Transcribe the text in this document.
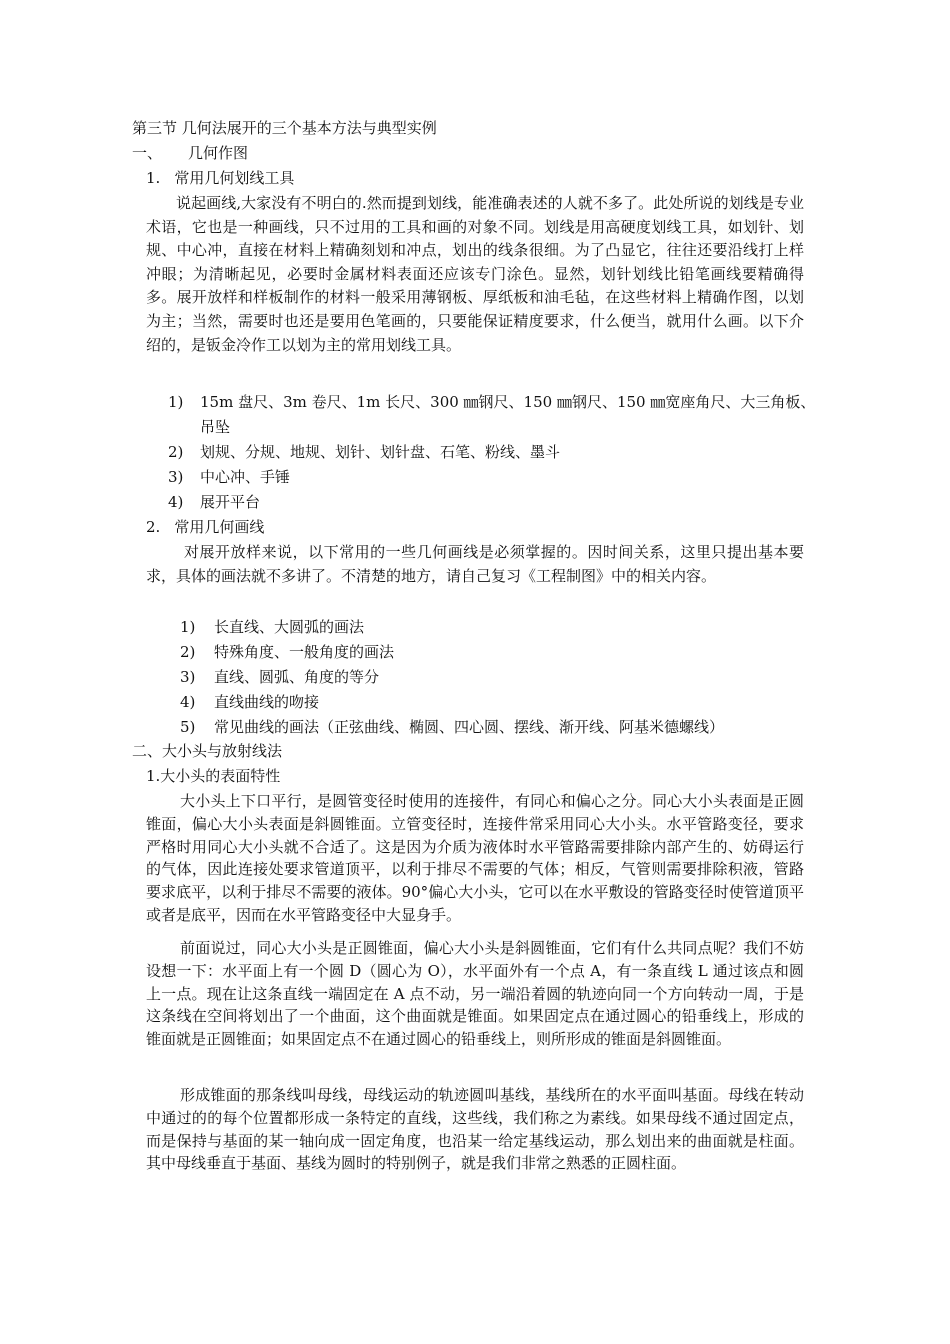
第三节 几何法展开的三个基本方法与典型实例
一、 几何作图
1. 常用几何划线工具
说起画线,大家没有不明白的.然而提到划线，能准确表述的人就不多了。此处所说的划线是专业术语，它也是一种画线，只不过用的工具和画的对象不同。划线是用高硬度划线工具，如划针、划规、中心冲，直接在材料上精确刻划和冲点，划出的线条很细。为了凸显它，往往还要沿线打上样冲眼；为清晰起见，必要时金属材料表面还应该专门涂色。显然，划针划线比铅笔画线要精确得多。展开放样和样板制作的材料一般采用薄钢板、厚纸板和油毛毡，在这些材料上精确作图，以划为主；当然，需要时也还是要用色笔画的，只要能保证精度要求，什么便当，就用什么画。以下介绍的，是钣金冷作工以划为主的常用划线工具。
1) 15m 盘尺、3m 卷尺、1m 长尺、300 ㎜钢尺、150 ㎜钢尺、150 ㎜宽座角尺、大三角板、
吊坠
2) 划规、分规、地规、划针、划针盘、石笔、粉线、墨斗
3) 中心冲、手锤
4) 展开平台
2. 常用几何画线
对展开放样来说，以下常用的一些几何画线是必须掌握的。因时间关系，这里只提出基本要求，具体的画法就不多讲了。不清楚的地方，请自己复习《工程制图》中的相关内容。
1) 长直线、大圆弧的画法
2) 特殊角度、一般角度的画法
3) 直线、圆弧、角度的等分
4) 直线曲线的吻接
5) 常见曲线的画法（正弦曲线、椭圆、四心圆、摆线、渐开线、阿基米德螺线）
二、大小头与放射线法
1.大小头的表面特性
大小头上下口平行，是圆管变径时使用的连接件，有同心和偏心之分。同心大小头表面是正圆锥面，偏心大小头表面是斜圆锥面。立管变径时，连接件常采用同心大小头。水平管路变径，要求严格时用同心大小头就不合适了。这是因为介质为液体时水平管路需要排除内部产生的、妨碍运行的气体，因此连接处要求管道顶平，以利于排尽不需要的气体；相反，气管则需要排除积液，管路要求底平，以利于排尽不需要的液体。90°偏心大小头，它可以在水平敷设的管路变径时使管道顶平或者是底平，因而在水平管路变径中大显身手。
前面说过，同心大小头是正圆锥面，偏心大小头是斜圆锥面，它们有什么共同点呢？我们不妨设想一下：水平面上有一个圆 D（圆心为 O），水平面外有一个点 A，有一条直线 L 通过该点和圆上一点。现在让这条直线一端固定在 A 点不动，另一端沿着圆的轨迹向同一个方向转动一周，于是这条线在空间将划出了一个曲面，这个曲面就是锥面。如果固定点在通过圆心的铅垂线上，形成的锥面就是正圆锥面；如果固定点不在通过圆心的铅垂线上，则所形成的锥面是斜圆锥面。
形成锥面的那条线叫母线，母线运动的轨迹圆叫基线，基线所在的水平面叫基面。母线在转动中通过的的每个位置都形成一条特定的直线，这些线，我们称之为素线。如果母线不通过固定点，而是保持与基面的某一轴向成一固定角度，也沿某一给定基线运动，那么划出来的曲面就是柱面。其中母线垂直于基面、基线为圆时的特别例子，就是我们非常之熟悉的正圆柱面。
